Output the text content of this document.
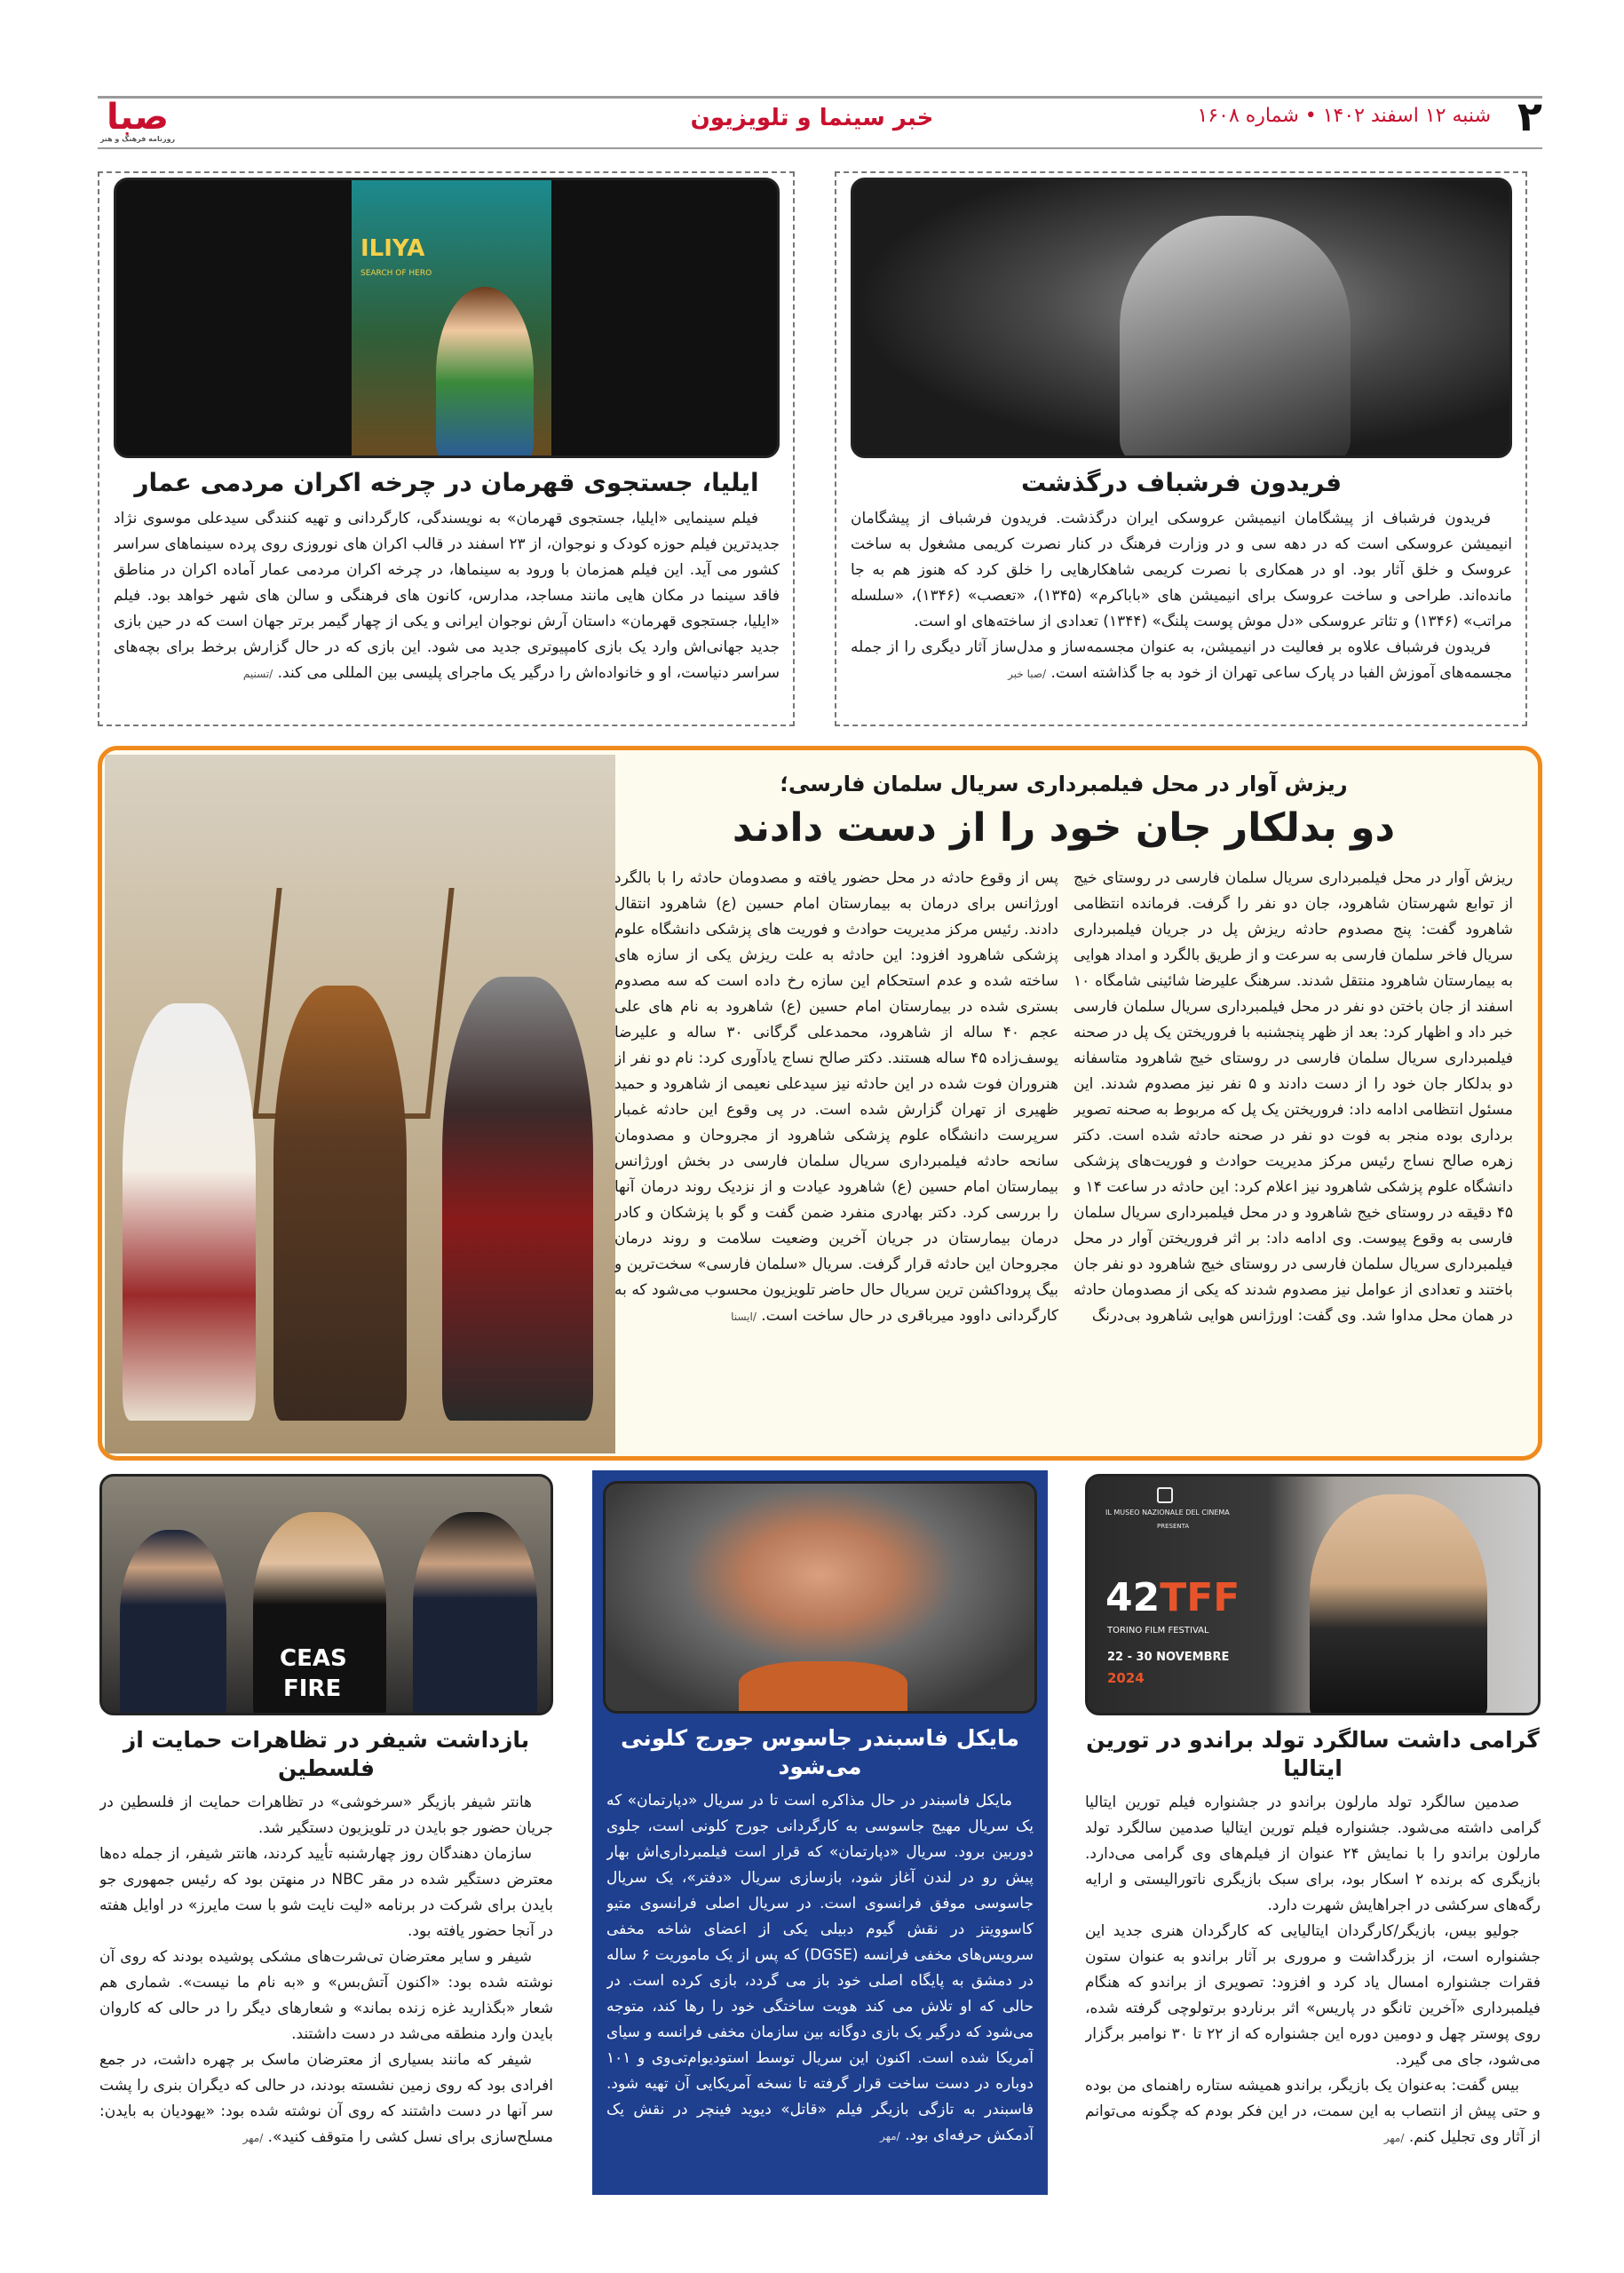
۲
شنبه ۱۲ اسفند ۱۴۰۲ • شماره ۱۶۰۸
خبر سینما و تلویزیون
صبا
روزنامه فرهنگ و هنر
فریدون فرشباف درگذشت

فریدون فرشباف از پیشگامان انیمیشن عروسکی ایران درگذشت. فریدون فرشباف از پیشگامان انیمیشن عروسکی است که در دهه سی و در وزارت فرهنگ در کنار نصرت کریمی مشغول به ساخت عروسک و خلق آثار بود. او در همکاری با نصرت کریمی شاهکارهایی را خلق کرد که هنوز هم به جا مانده‌اند. طراحی و ساخت عروسک برای انیمیشن های «باباکرم» (۱۳۴۵)، «تعصب» (۱۳۴۶)، «سلسله مراتب» (۱۳۴۶) و تئاتر عروسکی «دل موش پوست پلنگ» (۱۳۴۴) تعدادی از ساخته‌های او است.

فریدون فرشباف علاوه بر فعالیت در انیمیشن، به عنوان مجسمه‌ساز و مدل‌ساز آثار دیگری را از جمله مجسمه‌های آموزش الفبا در پارک ساعی تهران از خود به جا گذاشته است. /صبا خبر

ILIYA
SEARCH OF HERO
ایلیا، جستجوی قهرمان در چرخه اکران مردمی عمار

فیلم سینمایی «ایلیا، جستجوی قهرمان» به نویسندگی، کارگردانی و تهیه کنندگی سیدعلی موسوی نژاد جدیدترین فیلم حوزه کودک و نوجوان، از ۲۳ اسفند در قالب اکران های نوروزی روی پرده سینماهای سراسر کشور می آید. این فیلم همزمان با ورود به سینماها، در چرخه اکران مردمی عمار آماده اکران در مناطق فاقد سینما در مکان هایی مانند مساجد، مدارس، کانون های فرهنگی و سالن های شهر خواهد بود. فیلم «ایلیا، جستجوی قهرمان» داستان آرش نوجوان ایرانی و یکی از چهار گیمر برتر جهان است که در حین بازی جدید جهانی‌اش وارد یک بازی کامپیوتری جدید می شود. این بازی که در حال گزارش برخط برای بچه‌های سراسر دنیاست، او و خانواده‌اش را درگیر یک ماجرای پلیسی بین المللی می کند. /تسنیم

ریزش آوار در محل فیلمبرداری سریال سلمان فارسی؛
دو بدلکار جان خود را از دست دادند
ریزش آوار در محل فیلمبرداری سریال سلمان فارسی در روستای خیج از توابع شهرستان شاهرود، جان دو نفر را گرفت. فرمانده انتظامی شاهرود گفت: پنج مصدوم حادثه ریزش پل در جریان فیلمبرداری سریال فاخر سلمان فارسی به سرعت و از طریق بالگرد و امداد هوایی به بیمارستان شاهرود منتقل شدند. سرهنگ علیرضا شائینی شامگاه ۱۰ اسفند از جان باختن دو نفر در محل فیلمبرداری سریال سلمان فارسی خبر داد و اظهار کرد: بعد از ظهر پنجشنبه با فروریختن یک پل در صحنه فیلمبرداری سریال سلمان فارسی در روستای خیج شاهرود متاسفانه دو بدلکار جان خود را از دست دادند و ۵ نفر نیز مصدوم شدند. این مسئول انتظامی ادامه داد: فروریختن یک پل که مربوط به صحنه تصویر برداری بوده منجر به فوت دو نفر در صحنه حادثه شده است. دکتر زهره صالح نساج رئیس مرکز مدیریت حوادث و فوریت‌های پزشکی دانشگاه علوم پزشکی شاهرود نیز اعلام کرد: این حادثه در ساعت ۱۴ و ۴۵ دقیقه در روستای خیج شاهرود و در محل فیلمبرداری سریال سلمان فارسی به وقوع پیوست. وی ادامه داد: بر اثر فروریختن آوار در محل فیلمبرداری سریال سلمان فارسی در روستای خیج شاهرود دو نفر جان باختند و تعدادی از عوامل نیز مصدوم شدند که یکی از مصدومان حادثه در همان محل مداوا شد. وی گفت: اورژانس هوایی شاهرود بی‌درنگ
پس از وقوع حادثه در محل حضور یافته و مصدومان حادثه را با بالگرد اورژانس برای درمان به بیمارستان امام حسین (ع) شاهرود انتقال دادند. رئیس مرکز مدیریت حوادث و فوریت های پزشکی دانشگاه علوم پزشکی شاهرود افزود: این حادثه به علت ریزش یکی از سازه های ساخته شده و عدم استحکام این سازه رخ داده است که سه مصدوم بستری شده در بیمارستان امام حسین (ع) شاهرود به نام های علی عجم ۴۰ ساله از شاهرود، محمدعلی گرگانی ۳۰ ساله و علیرضا یوسف‌زاده ۴۵ ساله هستند. دکتر صالح نساج یادآوری کرد: نام دو نفر از هنروران فوت شده در این حادثه نیز سیدعلی نعیمی از شاهرود و حمید ظهیری از تهران گزارش شده است. در پی وقوع این حادثه غمبار سرپرست دانشگاه علوم پزشکی شاهرود از مجروحان و مصدومان سانحه حادثه فیلمبرداری سریال سلمان فارسی در بخش اورژانس بیمارستان امام حسین (ع) شاهرود عیادت و از نزدیک روند درمان آنها را بررسی کرد. دکتر بهادری منفرد ضمن گفت و گو با پزشکان و کادر درمان بیمارستان در جریان آخرین وضعیت سلامت و روند درمان مجروحان این حادثه قرار گرفت. سریال «سلمان فارسی» سخت‌ترین و بیگ پروداکشن ترین سریال حال حاضر تلویزیون محسوب می‌شود که به کارگردانی داوود میرباقری در حال ساخت است. /ایسنا
IL MUSEO NAZIONALE DEL CINEMA
PRESENTA
42TFF
TORINO FILM FESTIVAL
22 - 30 NOVEMBRE
2024
گرامی داشت سالگرد تولد براندو در تورین ایتالیا

صدمین سالگرد تولد مارلون براندو در جشنواره فیلم تورین ایتالیا گرامی داشته می‌شود. جشنواره فیلم تورین ایتالیا صدمین سالگرد تولد مارلون براندو را با نمایش ۲۴ عنوان از فیلم‌های وی گرامی می‌دارد. بازیگری که برنده ۲ اسکار بود، برای سبک بازیگری ناتورالیستی و ارایه رگه‌های سرکشی در اجراهایش شهرت دارد.

جولیو بیس، بازیگر/کارگردان ایتالیایی که کارگردان هنری جدید این جشنواره است، از بزرگداشت و مروری بر آثار براندو به عنوان ستون فقرات جشنواره امسال یاد کرد و افزود: تصویری از براندو که هنگام فیلمبرداری «آخرین تانگو در پاریس» اثر برناردو برتولوچی گرفته شده، روی پوستر چهل و دومین دوره این جشنواره که از ۲۲ تا ۳۰ نوامبر برگزار می‌شود، جای می گیرد.

بیس گفت: به‌عنوان یک بازیگر، براندو همیشه ستاره راهنمای من بوده و حتی پیش از انتصاب به این سمت، در این فکر بودم که چگونه می‌توانم از آثار وی تجلیل کنم. /مهر

مایکل فاسبندر جاسوس جورج کلونی می‌شود

مایکل فاسبندر در حال مذاکره است تا در سریال «دپارتمان» که یک سریال مهیج جاسوسی به کارگردانی جورج کلونی است، جلوی دوربین برود. سریال «دپارتمان» که قرار است فیلمبرداری‌اش بهار پیش رو در لندن آغاز شود، بازسازی سریال «دفتر»، یک سریال جاسوسی موفق فرانسوی است. در سریال اصلی فرانسوی متیو کاسوویتز در نقش گیوم دبیلی یکی از اعضای شاخه مخفی سرویس‌های مخفی فرانسه (DGSE) که پس از یک ماموریت ۶ ساله در دمشق به پایگاه اصلی خود باز می گردد، بازی کرده است. در حالی که او تلاش می کند هویت ساختگی خود را رها کند، متوجه می‌شود که درگیر یک بازی دوگانه بین سازمان مخفی فرانسه و سیای آمریکا شده است. اکنون این سریال توسط استودیوام‌تی‌وی و ۱۰۱ دوباره در دست ساخت قرار گرفته تا نسخه آمریکایی آن تهیه شود. فاسبندر به تازگی بازیگر فیلم «قاتل» دیوید فینچر در نقش یک آدمکش حرفه‌ای بود. /مهر

CEAS
FIRE
بازداشت شیفر در تظاهرات حمایت از فلسطین

هانتر شیفر بازیگر «سرخوشی» در تظاهرات حمایت از فلسطین در جریان حضور جو بایدن در تلویزیون دستگیر شد.

سازمان دهندگان روز چهارشنبه تأیید کردند، هانتر شیفر، از جمله ده‌ها معترض دستگیر شده در مقر NBC در منهتن بود که رئیس جمهوری جو بایدن برای شرکت در برنامه «لیت نایت شو با ست مایرز» در اوایل هفته در آنجا حضور یافته بود.

شیفر و سایر معترضان تی‌شرت‌های مشکی پوشیده بودند که روی آن نوشته شده بود: «اکنون آتش‌بس» و «به نام ما نیست». شماری هم شعار «بگذارید غزه زنده بماند» و شعارهای دیگر را در حالی که کاروان بایدن وارد منطقه می‌شد در دست داشتند.

شیفر که مانند بسیاری از معترضان ماسک بر چهره داشت، در جمع افرادی بود که روی زمین نشسته بودند، در حالی که دیگران بنری را پشت سر آنها در دست داشتند که روی آن نوشته شده بود: «یهودیان به بایدن: مسلح‌سازی برای نسل کشی را متوقف کنید». /مهر
